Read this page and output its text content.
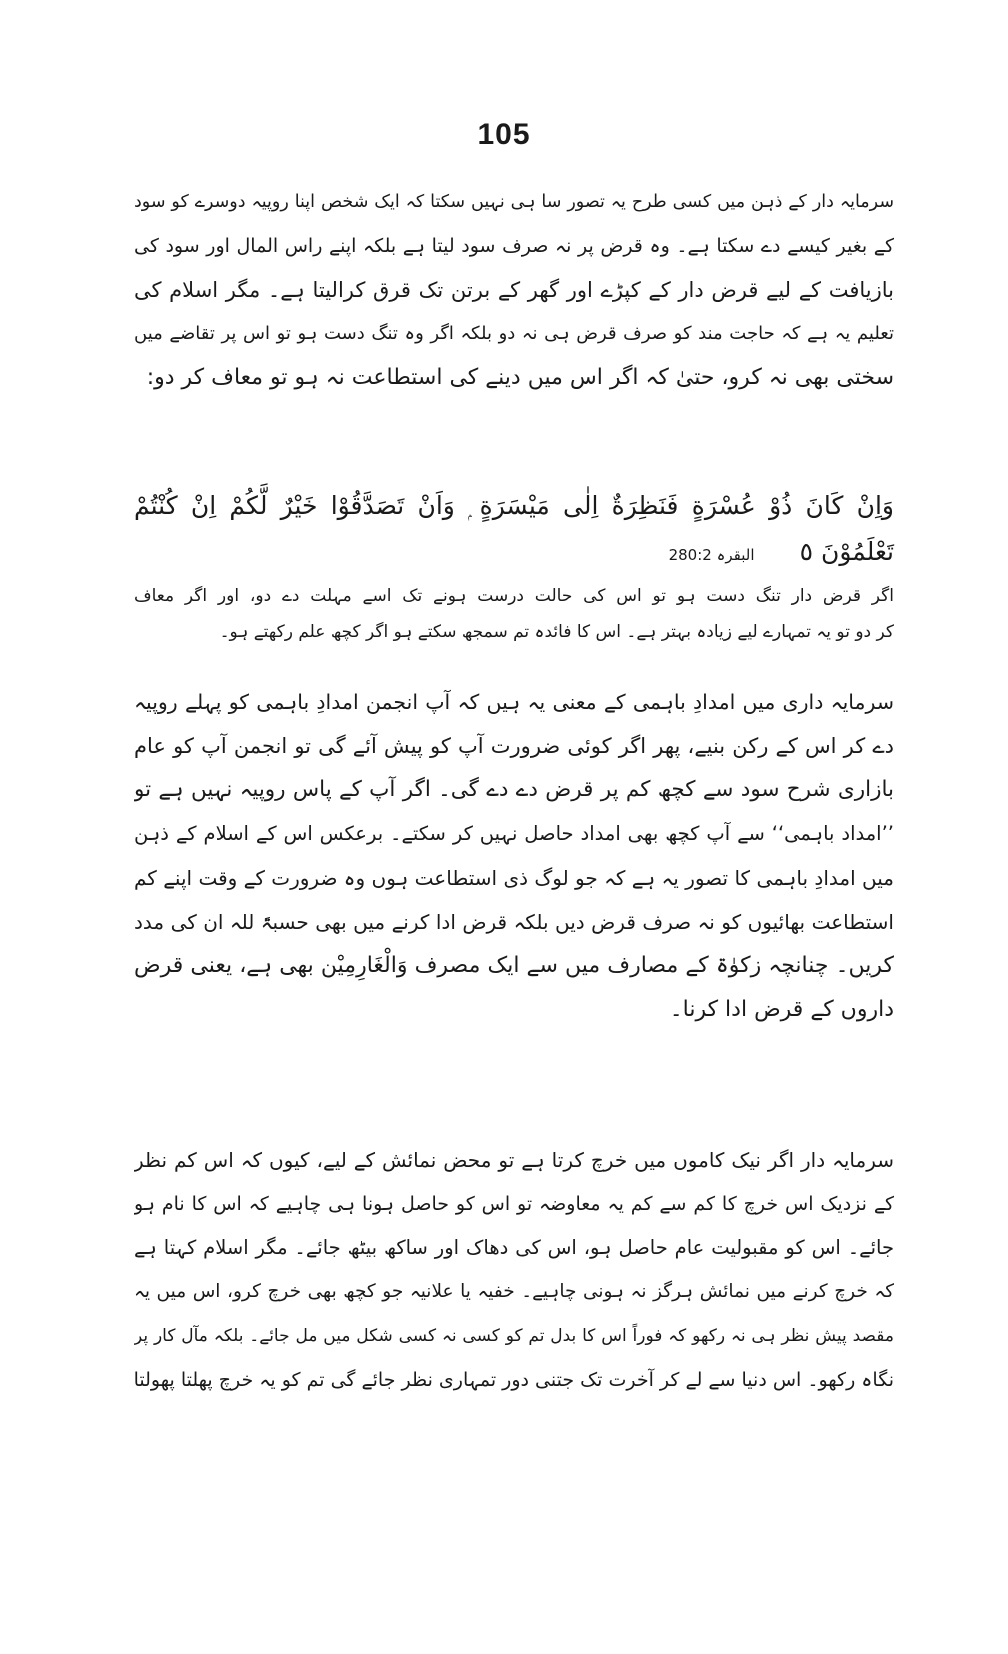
105
سرمایہ دار کے ذہن میں کسی طرح یہ تصور سا ہی نہیں سکتا کہ ایک شخص اپنا روپیہ دوسرے کو سود
کے بغیر کیسے دے سکتا ہے۔ وہ قرض پر نہ صرف سود لیتا ہے بلکہ اپنے راس المال اور سود کی
بازیافت کے لیے قرض دار کے کپڑے اور گھر کے برتن تک قرق کرالیتا ہے۔ مگر اسلام کی
تعلیم یہ ہے کہ حاجت مند کو صرف قرض ہی نہ دو بلکہ اگر وہ تنگ دست ہو تو اس پر تقاضے میں
سختی بھی نہ کرو، حتیٰ کہ اگر اس میں دینے کی استطاعت نہ ہو تو معاف کر دو:
وَاِنْ كَانَ ذُوْ عُسْرَةٍ فَنَظِرَةٌ اِلٰى مَيْسَرَةٍ ۭ وَاَنْ تَصَدَّقُوْا خَيْرٌ لَّكُمْ اِنْ كُنْتُمْ
تَعْلَمُوْنَ ٥ البقرہ 280:2
اگر قرض دار تنگ دست ہو تو اس کی حالت درست ہونے تک اسے مہلت دے دو، اور اگر معاف
کر دو تو یہ تمہارے لیے زیادہ بہتر ہے۔ اس کا فائدہ تم سمجھ سکتے ہو اگر کچھ علم رکھتے ہو۔
سرمایہ داری میں امدادِ باہمی کے معنی یہ ہیں کہ آپ انجمن امدادِ باہمی کو پہلے روپیہ
دے کر اس کے رکن بنیے، پھر اگر کوئی ضرورت آپ کو پیش آئے گی تو انجمن آپ کو عام
بازاری شرح سود سے کچھ کم پر قرض دے دے گی۔ اگر آپ کے پاس روپیہ نہیں ہے تو
’’امداد باہمی‘‘ سے آپ کچھ بھی امداد حاصل نہیں کر سکتے۔ برعکس اس کے اسلام کے ذہن
میں امدادِ باہمی کا تصور یہ ہے کہ جو لوگ ذی استطاعت ہوں وہ ضرورت کے وقت اپنے کم
استطاعت بھائیوں کو نہ صرف قرض دیں بلکہ قرض ادا کرنے میں بھی حسبۃً للہ ان کی مدد
کریں۔ چنانچہ زکوٰۃ کے مصارف میں سے ایک مصرف وَالْغَارِمِیْن بھی ہے، یعنی قرض
داروں کے قرض ادا کرنا۔
سرمایہ دار اگر نیک کاموں میں خرچ کرتا ہے تو محض نمائش کے لیے، کیوں کہ اس کم نظر
کے نزدیک اس خرچ کا کم سے کم یہ معاوضہ تو اس کو حاصل ہونا ہی چاہیے کہ اس کا نام ہو
جائے۔ اس کو مقبولیت عام حاصل ہو، اس کی دھاک اور ساکھ بیٹھ جائے۔ مگر اسلام کہتا ہے
کہ خرچ کرنے میں نمائش ہرگز نہ ہونی چاہیے۔ خفیہ یا علانیہ جو کچھ بھی خرچ کرو، اس میں یہ
مقصد پیش نظر ہی نہ رکھو کہ فوراً اس کا بدل تم کو کسی نہ کسی شکل میں مل جائے۔ بلکہ مآل کار پر
نگاہ رکھو۔ اس دنیا سے لے کر آخرت تک جتنی دور تمہاری نظر جائے گی تم کو یہ خرچ پھلتا پھولتا
